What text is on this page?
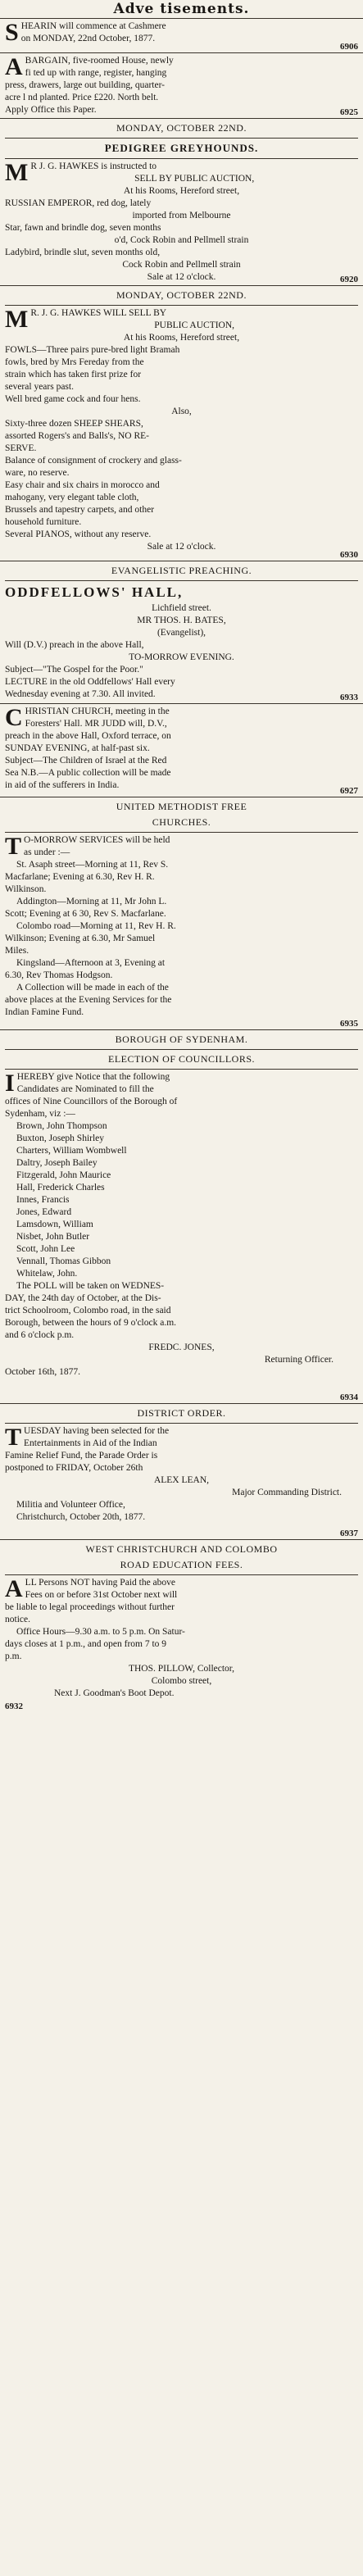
Adve tisements.
S HEARIN will commence at Cashmere
on MONDAY, 22nd October, 1877.
6906
A BARGAIN, five-roomed House, newly
fi ted up with range, register, hanging
press, drawers, large out building, quarter-
acre l nd planted. Price £220. North belt.
Apply Office this Paper.	6925
MONDAY, OCTOBER 22ND.
PEDIGREE GREYHOUNDS.
M R J. G. HAWKES is instructed to
SELL BY PUBLIC AUCTION,
At his Rooms, Hereford street,
RUSSIAN EMPEROR, red dog, lately
imported from Melbourne
Star, fawn and brindle dog, seven months
o'd, Cock Robin and Pellmell strain
Ladybird, brindle slut, seven months old,
Cock Robin and Pellmell strain
Sale at 12 o'clock.	6920
MONDAY, OCTOBER 22ND.
M R. J. G. HAWKES WILL SELL BY
PUBLIC AUCTION,
At his Rooms, Hereford street,
FOWLS—Three pairs pure-bred light Bramah
fowls, bred by Mrs Fereday from the
strain which has taken first prize for
several years past.
Well bred game cock and four hens.
Also,
Sixty-three dozen SHEEP SHEARS,
assorted Rogers's and Balls's, NO RE-
SERVE.
Balance of consignment of crockery and glass-
ware, no reserve.
Easy chair and six chairs in morocco and
mahogany, very elegant table cloth,
Brussels and tapestry carpets, and other
household furniture.
Several PIANOS, without any reserve.
Sale at 12 o'clock.
6930
EVANGELISTIC PREACHING.
ODDFELLOWS' HALL,
Lichfield street.
MR THOS. H. BATES,
(Evangelist),
Will (D.V.) preach in the above Hall,
TO-MORROW EVENING.
Subject—"The Gospel for the Poor."
LECTURE in the old Oddfellows' Hall every
Wednesday evening at 7.30. All invited.	6933
C HRISTIAN CHURCH, meeting in the
Foresters' Hall. MR JUDD will, D.V.,
preach in the above Hall, Oxford terrace, on
SUNDAY EVENING, at half-past six.
Subject—The Children of Israel at the Red
Sea N.B.—A public collection will be made
in aid of the sufferers in India.
6927
UNITED METHODIST FREE
CHURCHES.
T O-MORROW SERVICES will be held
as under :—
St. Asaph street—Morning at 11, Rev S.
Macfarlane; Evening at 6.30, Rev H. R.
Wilkinson.
Addington—Morning at 11, Mr John L.
Scott; Evening at 6 30, Rev S. Macfarlane.
Colombo road—Morning at 11, Rev H. R.
Wilkinson; Evening at 6.30, Mr Samuel
Miles.
Kingsland—Afternoon at 3, Evening at
6.30, Rev Thomas Hodgson.
A Collection will be made in each of the
above places at the Evening Services for the
Indian Famine Fund.
6935
BOROUGH OF SYDENHAM.
ELECTION OF COUNCILLORS.
I HEREBY give Notice that the following
Candidates are Nominated to fill the
offices of Nine Councillors of the Borough of
Sydenham, viz :—
Brown, John Thompson
Buxton, Joseph Shirley
Charters, William Wombwell
Daltry, Joseph Bailey
Fitzgerald, John Maurice
Hall, Frederick Charles
Innes, Francis
Jones, Edward
Lamsdown, William
Nisbet, John Butler
Scott, John Lee
Vennall, Thomas Gibbon
Whitelaw, John.
The POLL will be taken on WEDNES-
DAY, the 24th day of October, at the Dis-
trict Schoolroom, Colombo road, in the said
Borough, between the hours of 9 o'clock a.m.
and 6 o'clock p.m.
FREDC. JONES,
Returning Officer.
October 16th, 1877.
6934
DISTRICT ORDER.
T UESDAY having been selected for the
Entertainments in Aid of the Indian
Famine Relief Fund, the Parade Order is
postponed to FRIDAY, October 26th
ALEX LEAN,
Major Commanding District.
Militia and Volunteer Office,
Christchurch, October 20th, 1877.
6937
WEST CHRISTCHURCH AND COLOMBO
ROAD EDUCATION FEES.
A LL Persons NOT having Paid the above
Fees on or before 31st October next will
be liable to legal proceedings without further
notice.
Office Hours—9.30 a.m. to 5 p.m. On Satur-
days closes at 1 p.m., and open from 7 to 9
p.m.
THOS. PILLOW, Collector,
Colombo street,
Next J. Goodman's Boot Depot.
6932
